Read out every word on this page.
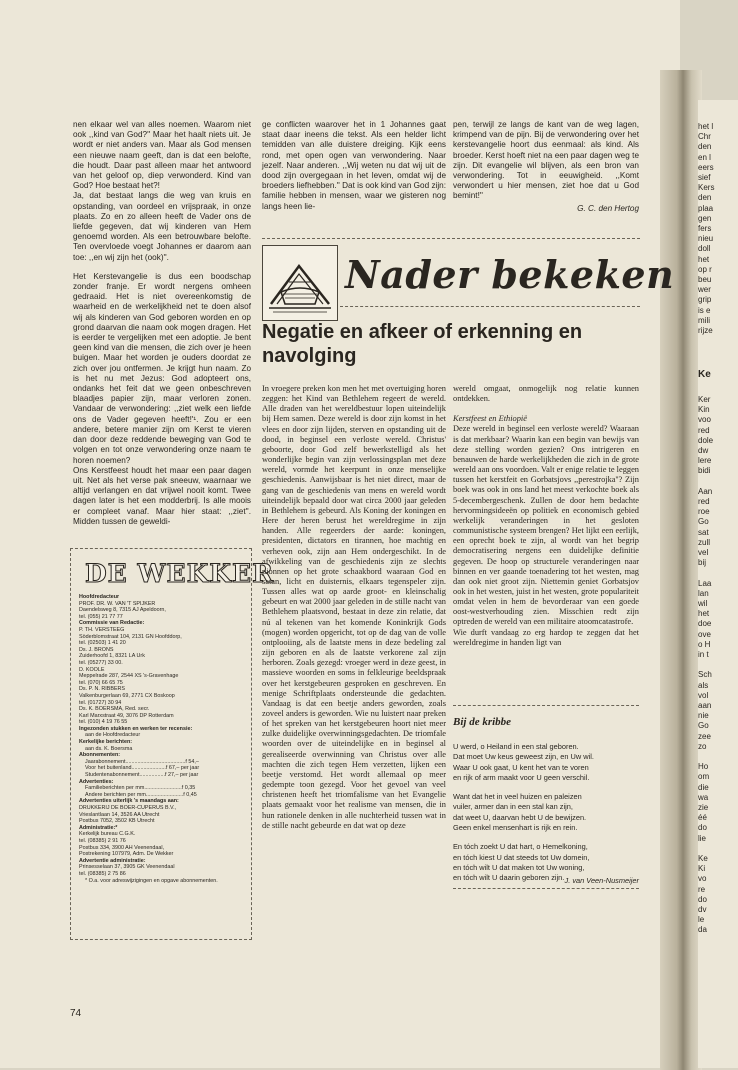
het l
Chr
den
en l
eers
sief
Kers
den
plaa
gen
fers
nieu
doll
het
op r
beu
wer
grip
is e
mili
rijze
Ke
Ker
Kin
voo
red
dole
dw
lere
bidi
Aan
red
roe
Go
sat
zull
vel
bij
Laa
lan
wil
het
doe
ove
o H
in t
Sch
als
vol
aan
nie
Go
zee
zo
Ho
om
die
wa
zie
éé
do
lie
Ke
Ki
vo
re
do
dv
le
da

nen elkaar wel van alles noemen. Waarom niet ook ,,kind van God?'' Maar het haalt niets uit. Je wordt er niet anders van. Maar als God mensen een nieuwe naam geeft, dan is dat een belofte, die houdt. Daar past alleen maar het antwoord van het geloof op, diep verwonderd. Kind van God? Hoe bestaat het?!

Ja, dat bestaat langs die weg van kruis en opstanding, van oordeel en vrijspraak, in onze plaats. Zo en zo alleen heeft de Vader ons de liefde gegeven, dat wij kinderen van Hem genoemd worden. Als een betrouwbare belofte. Ten overvloede voegt Johannes er daarom aan toe: ,,en wij zijn het (ook)''.

Het Kerstevangelie is dus een boodschap zonder franje. Er wordt nergens omheen gedraaid. Het is niet overeenkomstig de waarheid en de werkelijkheid net te doen alsof wij als kinderen van God geboren worden en op grond daarvan die naam ook mogen dragen. Het is eerder te vergelijken met een adoptie. Je bent geen kind van die mensen, die zich over je heen buigen. Maar het worden je ouders doordat ze zich over jou ontfermen. Je krijgt hun naam. Zo is het nu met Jezus: God adopteert ons, ondanks het feit dat we geen onbeschreven blaadjes papier zijn, maar verloren zonen. Vandaar de verwondering: ,,ziet welk een liefde ons de Vader gegeven heeft!'¹. Zou er een andere, betere manier zijn om Kerst te vieren dan door deze reddende beweging van God te volgen en tot onze verwondering onze naam te horen noemen?

Ons Kerstfeest houdt het maar een paar dagen uit. Net als het verse pak sneeuw, waarnaar we altijd verlangen en dat vrijwel nooit komt. Twee dagen later is het een modderbrij. Is alle moois er compleet vanaf. Maar hier staat: ,,ziet''. Midden tussen de geweldi-

DE WEKKER
Hoofdredacteur
PROF. DR. W. VAN 'T SPIJKER
Daendelsweg 8, 7315 AJ Apeldoorn,
tel. (055) 21 77 77
Commissie van Redactie:
P. TH. VERSTEEG
Söderblomstraat 104, 2131 GN Hoofddorp,
tel. (02503) 1 41 20
Ds. J. BRONS
Zuiderhoofd 1, 8321 LA Urk
tel. (05277) 33 00.
D. KOOLE
Meppelrade 287, 2544 XS 's-Gravenhage
tel. (070) 66 65 75
Ds. P. N. RIBBERS
Valkenburgerlaan 69, 2771 CX Boskoop
tel. (01727) 30 94
Ds. K. BOERSMA, Red. secr.
Karl Marxstraat 49, 3076 DP Rotterdam
tel. (010) 4 19 76 55
Ingezonden stukken en werken ter recensie:
aan de Hoofdredacteur
Kerkelijke berichten:
aan ds. K. Boersma
Abonnementen:
Jaarabonnement........................................f 54,–
Voor het buitenland.......................f 67,– per jaar
Studentenabonnement.................f 27,– per jaar
Advertenties:
Familieberichten per mm.........................f 0,35
Andere berichten per mm.........................f 0,45
Advertenties uiterlijk 's maandags aan:
DRUKKERIJ DE BOER-CUPERUS B.V.,
Vrieslantlaan 14, 3526 AA Utrecht
Postbus 7052, 3502 KB Utrecht
Administratie:*
Kerkelijk bureau C.G.K.
tel. (08385) 2 91 76
Postbus 334, 3900 AH Veenendaal,
Postrekening 107979, Adm. De Wekker
Advertentie administratie:
Prinsesselaan 37, 3905 GK Veenendaal
tel. (08385) 2 75 86
* O.a. voor adreswijzigingen en opgave abonnementen.

ge conflicten waarover het in 1 Johannes gaat staat daar ineens die tekst. Als een helder licht temidden van alle duistere dreiging. Kijk eens rond, met open ogen van verwondering. Naar jezelf. Naar anderen. ,,Wij weten nu dat wij uit de dood zijn overgegaan in het leven, omdat wij de broeders liefhebben.'' Dat is ook kind van God zijn: familie hebben in mensen, waar we gisteren nog langs heen lie-

pen, terwijl ze langs de kant van de weg lagen, krimpend van de pijn. Bij de verwondering over het kerstevangelie hoort dus eenmaal: als kind. Als broeder. Kerst hoeft niet na een paar dagen weg te zijn. Dit evangelie wil blijven, als een bron van verwondering. Tot in eeuwigheid. ,,Komt verwondert u hier mensen, ziet hoe dat u God bemint!''

G. C. den Hertog
Nader bekeken
Negatie en afkeer of erkenning en navolging

In vroegere preken kon men het met overtuiging horen zeggen: het Kind van Bethlehem regeert de wereld. Alle draden van het wereldbestuur lopen uiteindelijk bij Hem samen. Deze wereld is door zijn komst in het vlees en door zijn lijden, sterven en opstanding uit de dood, in beginsel een verloste wereld. Christus' geboorte, door God zelf bewerkstelligd als het wonderlijke begin van zijn verlossingsplan met deze wereld, vormde het keerpunt in onze menselijke geschiedenis. Aanwijsbaar is het niet direct, maar de gang van de geschiedenis van mens en wereld wordt uiteindelijk bepaald door wat circa 2000 jaar geleden in Bethlehem is gebeurd. Als Koning der koningen en Here der heren berust het wereldregime in zijn handen. Alle regeerders der aarde: koningen, presidenten, dictators en tirannen, hoe machtig en verheven ook, zijn aan Hem ondergeschikt. In de afwikkeling van de geschiedenis zijn ze slechts pionnen op het grote schaakbord waaraan God en satan, licht en duisternis, elkaars tegenspeler zijn. Tussen alles wat op aarde groot- en kleinschalig gebeurt en wat 2000 jaar geleden in de stille nacht van Bethlehem plaatsvond, bestaat in deze zin relatie, dat nú al tekenen van het komende Koninkrijk Gods (mogen) worden opgericht, tot op de dag van de volle ontplooiing, als de laatste mens in deze bedeling zal zijn geboren en als de laatste verkorene zal zijn herboren. Zoals gezegd: vroeger werd in deze geest, in massieve woorden en soms in felkleurige beeldspraak over het kerstgebeuren gesproken en geschreven. En menige Schriftplaats ondersteunde die gedachten. Vandaag is dat een beetje anders geworden, zoals zoveel anders is geworden. Wie nu luistert naar preken of het spreken van het kerstgebeuren hoort niet meer zulke duidelijke overwinningsgedachten. De triomfale woorden over de uiteindelijke en in beginsel al gerealiseerde overwinning van Christus over alle machten die zich tegen Hem verzetten, lijken een beetje verstomd. Het wordt allemaal op meer gedempte toon gezegd. Voor het gevoel van veel christenen heeft het triomfalisme van het Evangelie plaats gemaakt voor het realisme van mensen, die in hun rationele denken in alle nuchterheid tussen wat in de stille nacht gebeurde en dat wat op deze

wereld omgaat, onmogelijk nog relatie kunnen ontdekken.

Kerstfeest en Ethiopië

Deze wereld in beginsel een verloste wereld? Waaraan is dat merkbaar? Waarin kan een begin van bewijs van deze stelling worden gezien? Ons intrigeren en benauwen de harde werkelijkheden die zich in de grote wereld aan ons voordoen. Valt er enige relatie te leggen tussen het kerstfeit en Gorbatsjovs ,,perestrojka''? Zijn boek was ook in ons land het meest verkochte boek als 5-decembergeschenk. Zullen de door hem bedachte hervormingsideeën op politiek en economisch gebied werkelijk veranderingen in het gesloten communistische systeem brengen? Het lijkt een eerlijk, een oprecht boek te zijn, al wordt van het begrip democratisering nergens een duidelijke definitie gegeven. De hoop op structurele veranderingen naar binnen en ver gaande toenadering tot het westen, mag dan ook niet groot zijn. Niettemin geniet Gorbatsjov ook in het westen, juist in het westen, grote populariteit omdat velen in hem de bevorderaar van een goede oost-westverhouding zien. Misschien redt zijn optreden de wereld van een militaire atoomcatastrofe.
Wie durft vandaag zo erg hardop te zeggen dat het wereldregime in handen ligt van

Bij de kribbe
U werd, o Heiland in een stal geboren.
Dat moet Uw keus geweest zijn, en Uw wil.
Waar U ook gaat, U kent het van te voren
en rijk of arm maakt voor U geen verschil.
Want dat het in veel huizen en paleizen
vuiler, armer dan in een stal kan zijn,
dat weet U, daarvan hebt U de bewijzen.
Geen enkel mensenhart is rijk en rein.
En tóch zoekt U dat hart, o Hemelkoning,
en tóch kiest U dat steeds tot Uw domein,
en tóch wilt U dat maken tot Uw woning,
en tóch wilt U daarin geboren zijn. J. van Veen-Nusmeijer
74
